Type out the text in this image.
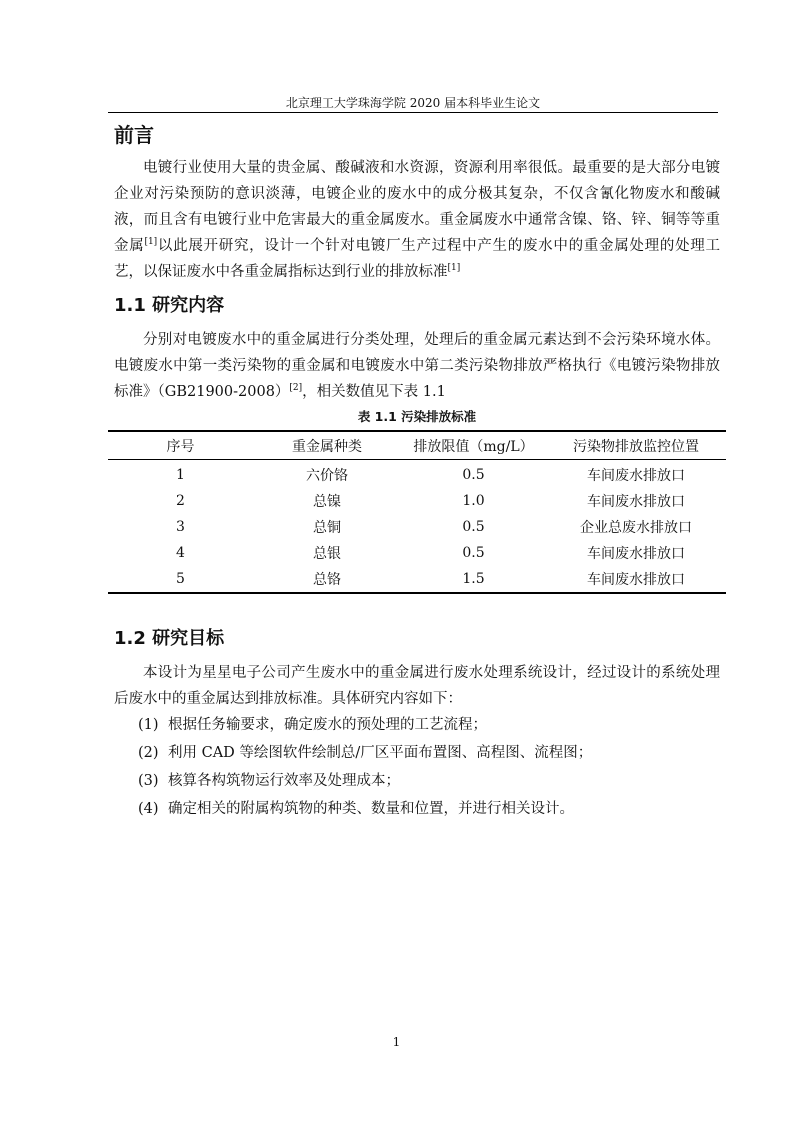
北京理工大学珠海学院 2020 届本科毕业生论文
前言

电镀行业使用大量的贵金属、酸碱液和水资源，资源利用率很低。最重要的是大部分电镀企业对污染预防的意识淡薄，电镀企业的废水中的成分极其复杂，不仅含氰化物废水和酸碱液，而且含有电镀行业中危害最大的重金属废水。重金属废水中通常含镍、铬、锌、铜等等重金属[1]以此展开研究，设计一个针对电镀厂生产过程中产生的废水中的重金属处理的处理工艺，以保证废水中各重金属指标达到行业的排放标准[1]

1.1 研究内容

分别对电镀废水中的重金属进行分类处理，处理后的重金属元素达到不会污染环境水体。电镀废水中第一类污染物的重金属和电镀废水中第二类污染物排放严格执行《电镀污染物排放标准》（GB21900-2008）[2]，相关数值见下表 1.1

表 1.1 污染排放标准
序号	重金属种类	排放限值（mg/L）	污染物排放监控位置
1	六价铬	0.5	车间废水排放口
2	总镍	1.0	车间废水排放口
3	总铜	0.5	企业总废水排放口
4	总银	0.5	车间废水排放口
5	总铬	1.5	车间废水排放口
1.2 研究目标

本设计为星星电子公司产生废水中的重金属进行废水处理系统设计，经过设计的系统处理后废水中的重金属达到排放标准。具体研究内容如下：

(1) 根据任务输要求，确定废水的预处理的工艺流程；
(2) 利用 CAD 等绘图软件绘制总/厂区平面布置图、高程图、流程图；
(3) 核算各构筑物运行效率及处理成本；
(4) 确定相关的附属构筑物的种类、数量和位置，并进行相关设计。
1
